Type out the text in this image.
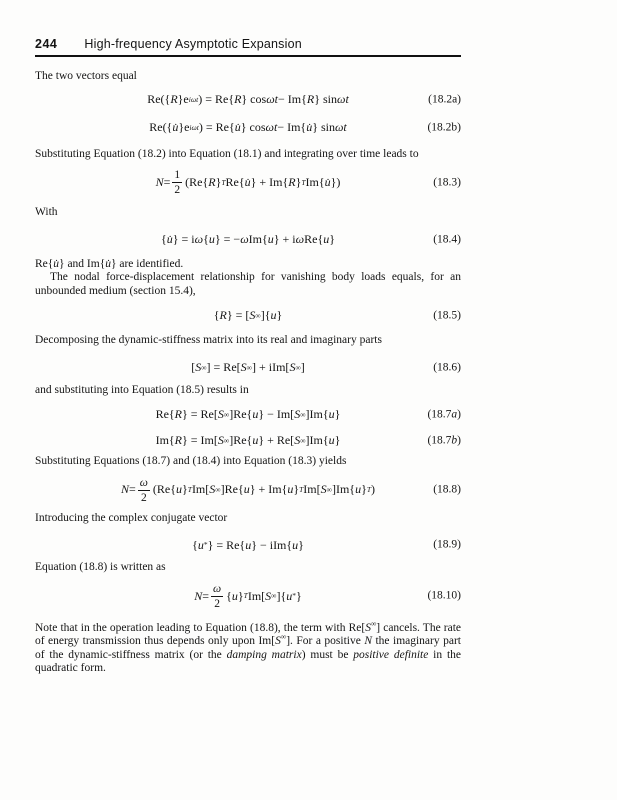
244 High-frequency Asymptotic Expansion

The two vectors equal

Re({ R }e iωt ) = Re{ R } cos ωt − Im{ R } sin ωt	(18.2a)
Re({ u̇ }e iωt ) = Re{ u̇ } cos ωt − Im{ u̇ } sin ωt	(18.2b)

Substituting Equation (18.2) into Equation (18.1) and integrating over time leads to

$N = \frac{1}{2} (Re${ R } T Re{ u̇ } + Im{ R } T Im{ u̇ })	(18.3)

With

{ u̇ } = i ω { u } = − ω Im{ u } + i ω Re{ u }	(18.4)

Re{u̇} and Im{u̇} are identified.

The nodal force-displacement relationship for vanishing body loads equals, for an unbounded medium (section 15.4),

{ R } = [ S ∞ ]{ u }	(18.5)

Decomposing the dynamic-stiffness matrix into its real and imaginary parts

[ S ∞ ] = Re[ S ∞ ] + iIm[ S ∞ ]	(18.6)

and substituting into Equation (18.5) results in

Re{ R } = Re[ S ∞ ]Re{ u } − Im[ S ∞ ]Im{ u }	(18.7a)
Im{ R } = Im[ S ∞ ]Re{ u } + Re[ S ∞ ]Im{ u }	(18.7b)

Substituting Equations (18.7) and (18.4) into Equation (18.3) yields

$N = \frac{\omega}{2} (Re${ u } T Im[ S ∞ ]Re{ u } + Im{ u } T Im[ S ∞ ]Im{ u } T )	(18.8)

Introducing the complex conjugate vector

{ u * } = Re{ u } − iIm{ u }	(18.9)

Equation (18.8) is written as

$N = \frac{\omega}{2}$ { u } T Im[ S ∞ ]{ u * }	(18.10)

Note that in the operation leading to Equation (18.8), the term with Re[S∞] cancels. The rate of energy transmission thus depends only upon Im[S∞]. For a positive N the imaginary part of the dynamic-stiffness matrix (or the damping matrix) must be positive definite in the quadratic form.
